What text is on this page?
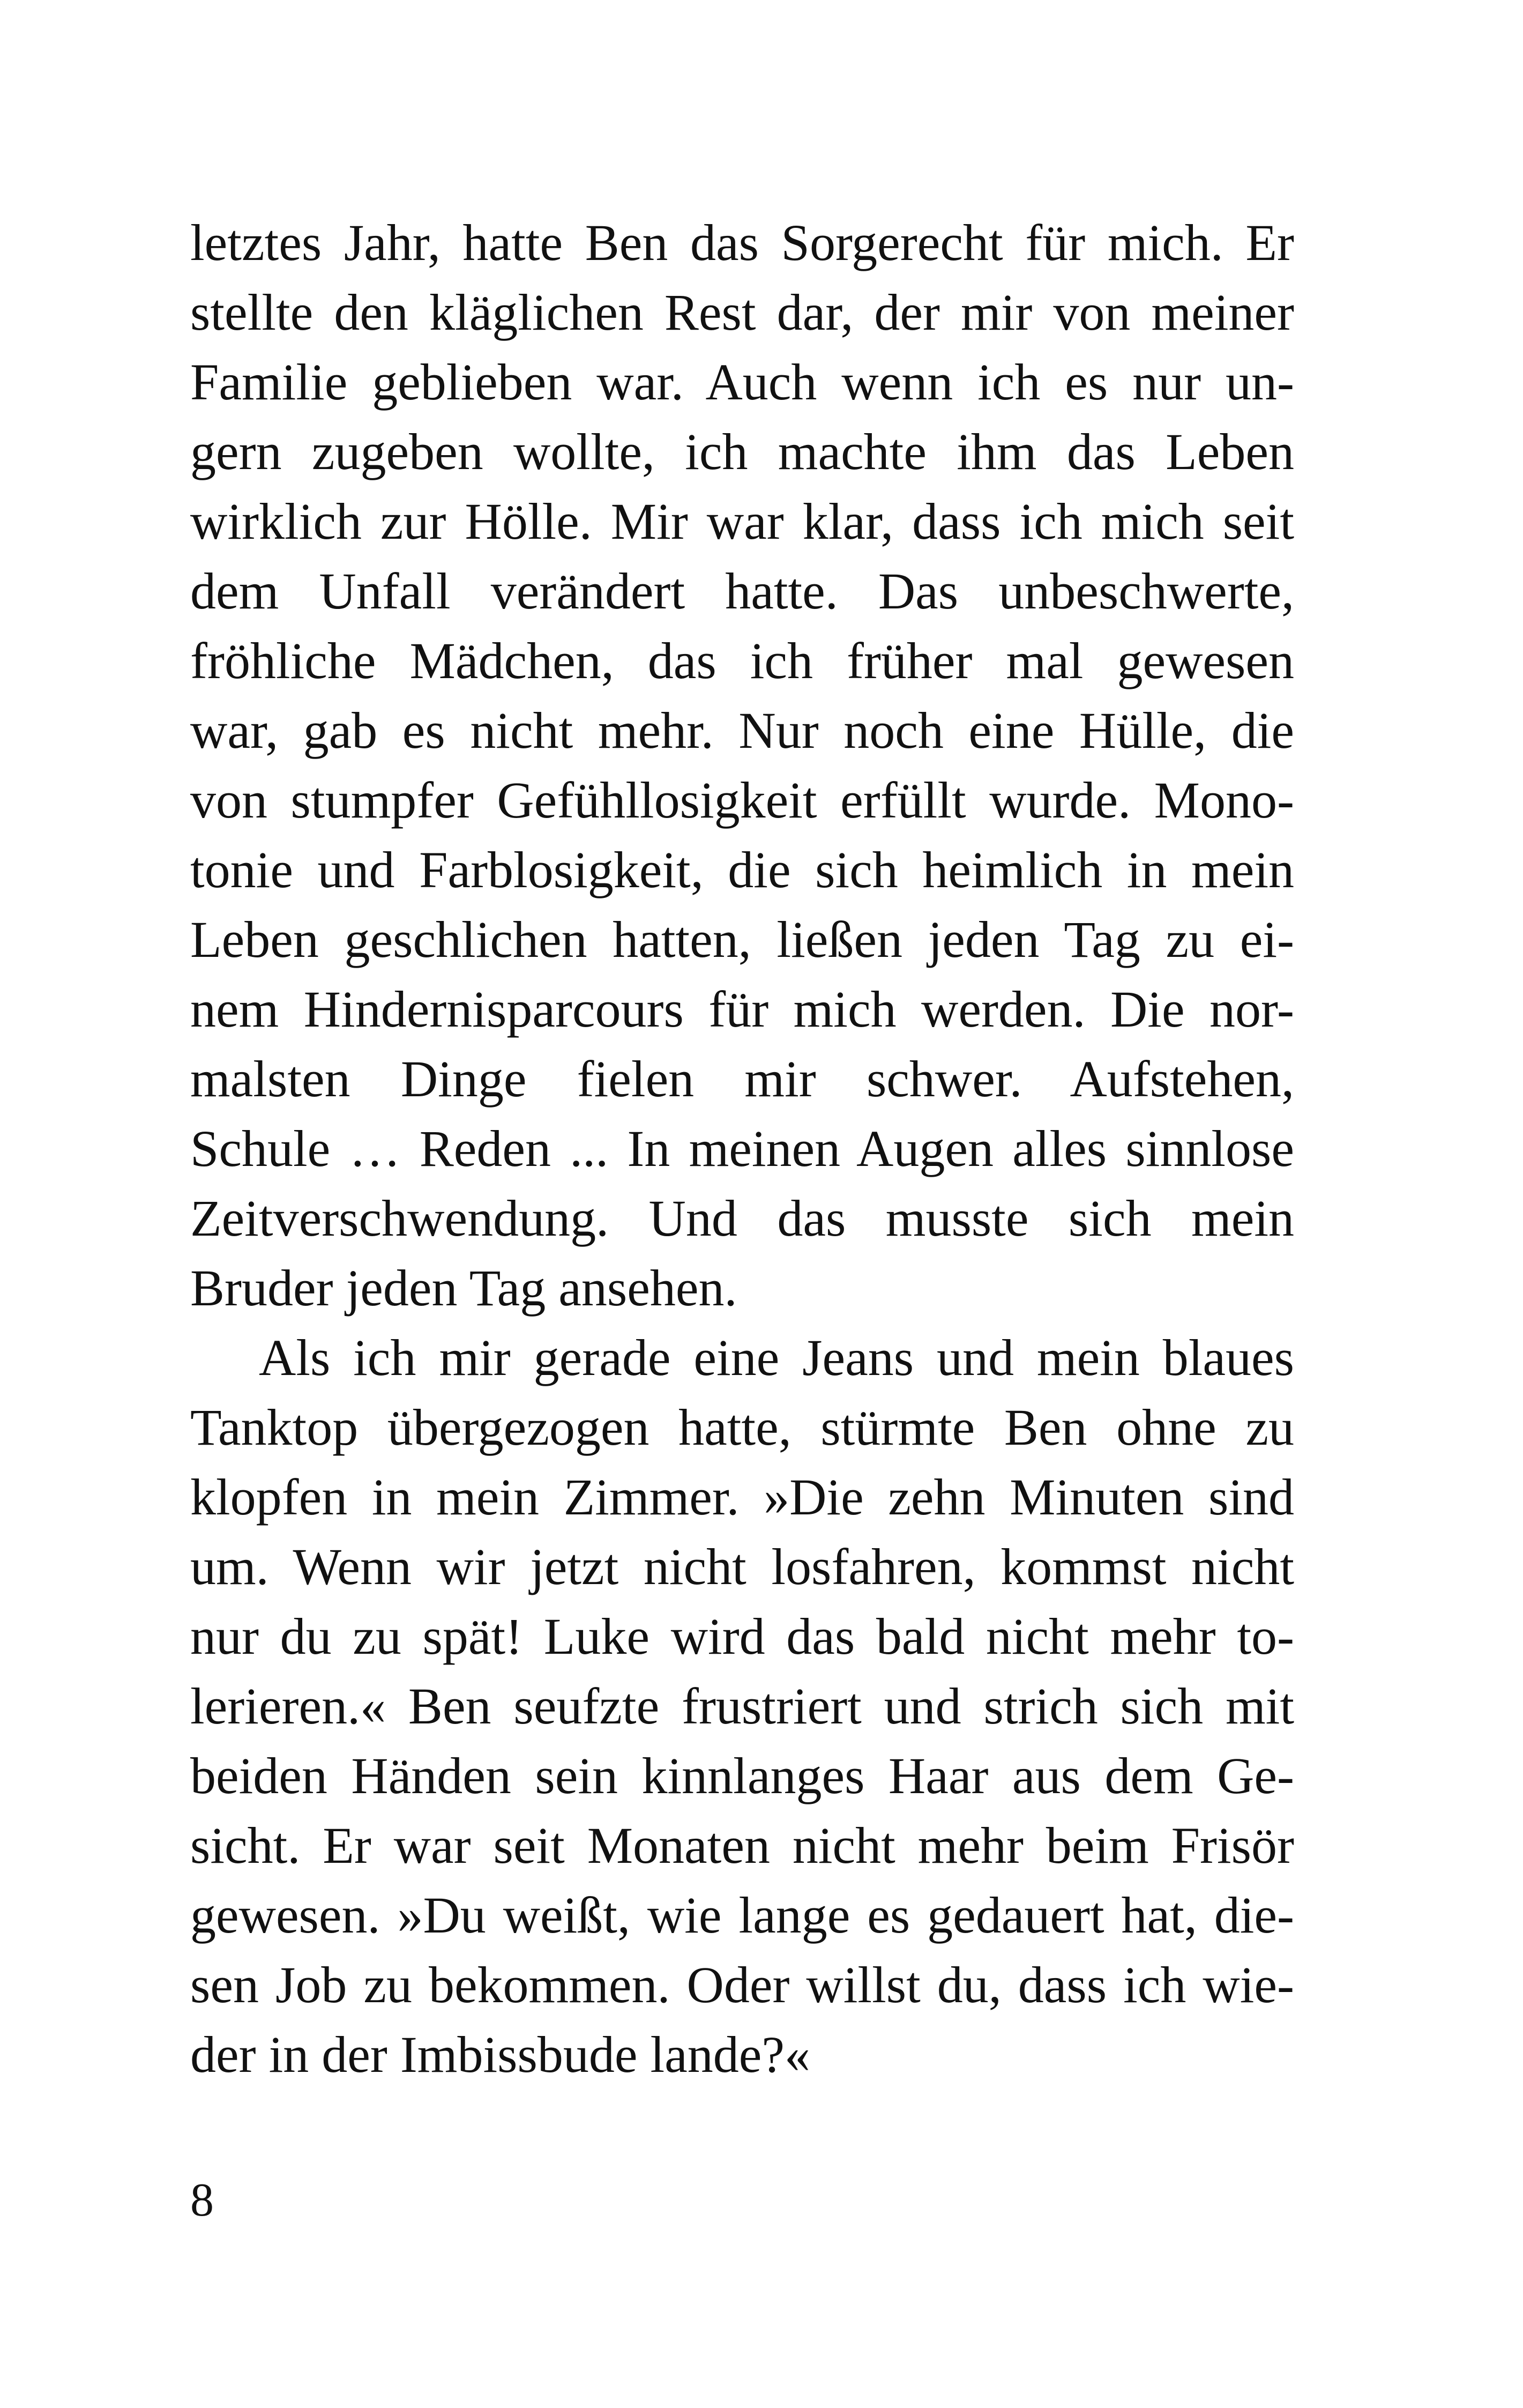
letztes Jahr, hatte Ben das Sorgerecht für mich. Er
stellte den kläglichen Rest dar, der mir von meiner
Familie geblieben war. Auch wenn ich es nur un-
gern zugeben wollte, ich machte ihm das Leben
wirklich zur Hölle. Mir war klar, dass ich mich seit
dem Unfall verändert hatte. Das unbeschwerte,
fröhliche Mädchen, das ich früher mal gewesen
war, gab es nicht mehr. Nur noch eine Hülle, die
von stumpfer Gefühllosigkeit erfüllt wurde. Mono-
tonie und Farblosigkeit, die sich heimlich in mein
Leben geschlichen hatten, ließen jeden Tag zu ei-
nem Hindernisparcours für mich werden. Die nor-
malsten Dinge fielen mir schwer. Aufstehen,
Schule … Reden ... In meinen Augen alles sinnlose
Zeitverschwendung. Und das musste sich mein
Bruder jeden Tag ansehen.
Als ich mir gerade eine Jeans und mein blaues
Tanktop übergezogen hatte, stürmte Ben ohne zu
klopfen in mein Zimmer. »Die zehn Minuten sind
um. Wenn wir jetzt nicht losfahren, kommst nicht
nur du zu spät! Luke wird das bald nicht mehr to-
lerieren.« Ben seufzte frustriert und strich sich mit
beiden Händen sein kinnlanges Haar aus dem Ge-
sicht. Er war seit Monaten nicht mehr beim Frisör
gewesen. »Du weißt, wie lange es gedauert hat, die-
sen Job zu bekommen. Oder willst du, dass ich wie-
der in der Imbissbude lande?«
8
